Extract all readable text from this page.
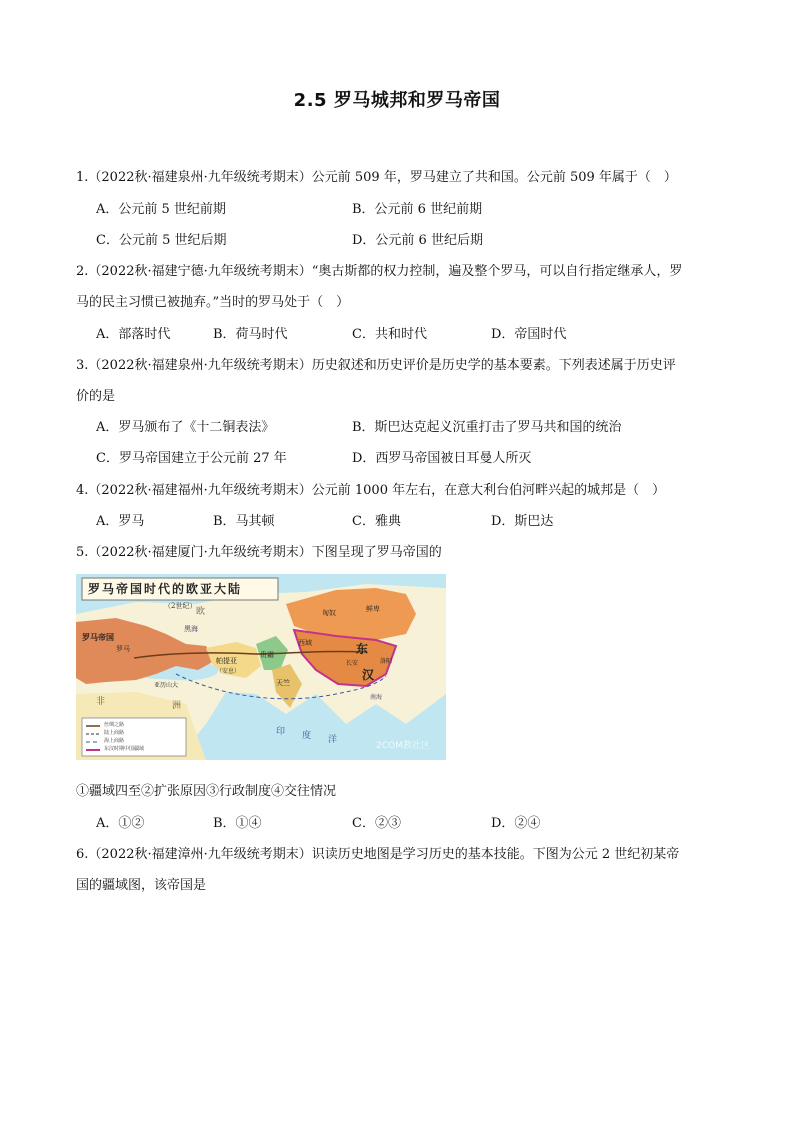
2.5 罗马城邦和罗马帝国
1.（2022秋·福建泉州·九年级统考期末）公元前 509 年，罗马建立了共和国。公元前 509 年属于（　）
A．公元前 5 世纪前期	B．公元前 6 世纪前期
C．公元前 5 世纪后期	D．公元前 6 世纪后期
2.（2022秋·福建宁德·九年级统考期末）“奥古斯都的权力控制，遍及整个罗马，可以自行指定继承人，罗
马的民主习惯已被抛弃。”当时的罗马处于（　）
A．部落时代	B．荷马时代	C．共和时代	D．帝国时代
3.（2022秋·福建泉州·九年级统考期末）历史叙述和历史评价是历史学的基本要素。下列表述属于历史评
价的是
A．罗马颁布了《十二铜表法》	B．斯巴达克起义沉重打击了罗马共和国的统治
C．罗马帝国建立于公元前 27 年	D．西罗马帝国被日耳曼人所灭
4.（2022秋·福建福州·九年级统考期末）公元前 1000 年左右，在意大利台伯河畔兴起的城邦是（　）
A．罗马	B．马其顿	C．雅典	D．斯巴达
5.（2022秋·福建厦门·九年级统考期末）下图呈现了罗马帝国的
罗马帝国时代的欧亚大陆
（2世纪）
欧
罗马帝国
罗马
黑海
帕提亚
（安息）
贵霜
天竺
匈奴	鲜卑
西域	东
汉
洛阳
长安
南海
亚历山大
非	洲
印 度 洋
丝绸之路
陆上商路
海上商路
东汉时期中国疆域	2COM教社区
①疆域四至②扩张原因③行政制度④交往情况
A．①②	B．①④	C．②③	D．②④
6.（2022秋·福建漳州·九年级统考期末）识读历史地图是学习历史的基本技能。下图为公元 2 世纪初某帝
国的疆域图，该帝国是
